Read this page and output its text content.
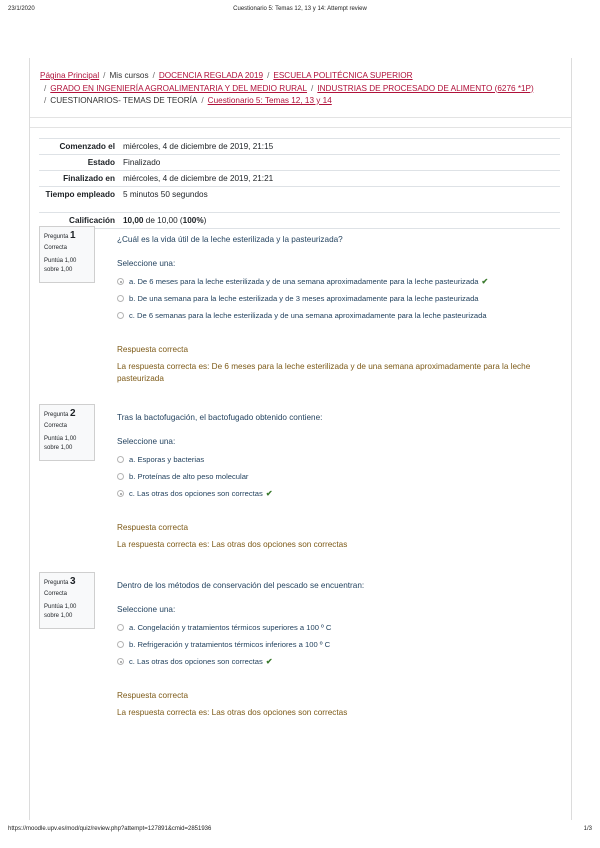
23/1/2020	Cuestionario 5: Temas 12, 13 y 14: Attempt review
Página Principal / Mis cursos / DOCENCIA REGLADA 2019 / ESCUELA POLITÉCNICA SUPERIOR
/ GRADO EN INGENIERÍA AGROALIMENTARIA Y DEL MEDIO RURAL / INDUSTRIAS DE PROCESADO DE ALIMENTO (6276 *1P)
/ CUESTIONARIOS- TEMAS DE TEORÍA / Cuestionario 5: Temas 12, 13 y 14
Comenzado el	miércoles, 4 de diciembre de 2019, 21:15
Estado	Finalizado
Finalizado en	miércoles, 4 de diciembre de 2019, 21:21
Tiempo empleado	5 minutos 50 segundos
Calificación	10,00 de 10,00 (100%)
Pregunta 1
Correcta
Puntúa 1,00 sobre 1,00
¿Cuál es la vida útil de la leche esterilizada y la pasteurizada?
Seleccione una:
a. De 6 meses para la leche esterilizada y de una semana aproximadamente para la leche pasteurizada ✔
b. De una semana para la leche esterilizada y de 3 meses aproximadamente para la leche pasteurizada
c. De 6 semanas para la leche esterilizada y de una semana aproximadamente para la leche pasteurizada
Respuesta correcta
La respuesta correcta es: De 6 meses para la leche esterilizada y de una semana aproximadamente para la leche pasteurizada
Pregunta 2
Correcta
Puntúa 1,00 sobre 1,00
Tras la bactofugación, el bactofugado obtenido contiene:
Seleccione una:
a. Esporas y bacterias
b. Proteínas de alto peso molecular
c. Las otras dos opciones son correctas ✔
Respuesta correcta
La respuesta correcta es: Las otras dos opciones son correctas
Pregunta 3
Correcta
Puntúa 1,00 sobre 1,00
Dentro de los métodos de conservación del pescado se encuentran:
Seleccione una:
a. Congelación y tratamientos térmicos superiores a 100 º C
b. Refrigeración y tratamientos térmicos inferiores a 100 º C
c. Las otras dos opciones son correctas ✔
Respuesta correcta
La respuesta correcta es: Las otras dos opciones son correctas
https://moodle.upv.es/mod/quiz/review.php?attempt=127891&cmid=2851936	1/3
